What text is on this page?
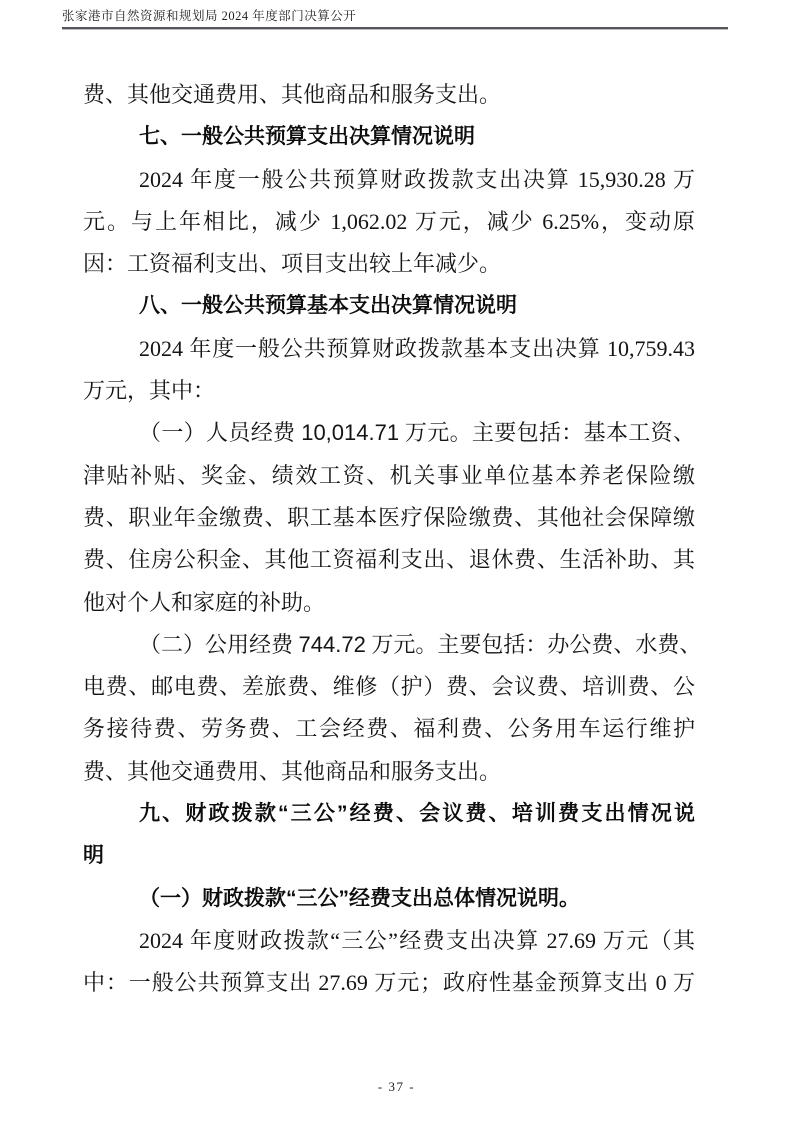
张家港市自然资源和规划局 2024 年度部门决算公开
费、其他交通费用、其他商品和服务支出。
七、一般公共预算支出决算情况说明
2024 年度一般公共预算财政拨款支出决算 15,930.28 万
元。与上年相比，减少 1,062.02 万元，减少 6.25%，变动原
因：工资福利支出、项目支出较上年减少。
八、一般公共预算基本支出决算情况说明
2024 年度一般公共预算财政拨款基本支出决算 10,759.43
万元，其中：
（一）人员经费 10,014.71 万元。主要包括：基本工资、
津贴补贴、奖金、绩效工资、机关事业单位基本养老保险缴
费、职业年金缴费、职工基本医疗保险缴费、其他社会保障缴
费、住房公积金、其他工资福利支出、退休费、生活补助、其
他对个人和家庭的补助。
（二）公用经费 744.72 万元。主要包括：办公费、水费、
电费、邮电费、差旅费、维修（护）费、会议费、培训费、公
务接待费、劳务费、工会经费、福利费、公务用车运行维护
费、其他交通费用、其他商品和服务支出。
九、财政拨款“三公”经费、会议费、培训费支出情况说
明
（一）财政拨款“三公”经费支出总体情况说明。
2024 年度财政拨款“三公”经费支出决算 27.69 万元（其
中：一般公共预算支出 27.69 万元；政府性基金预算支出 0 万
- 37 -
